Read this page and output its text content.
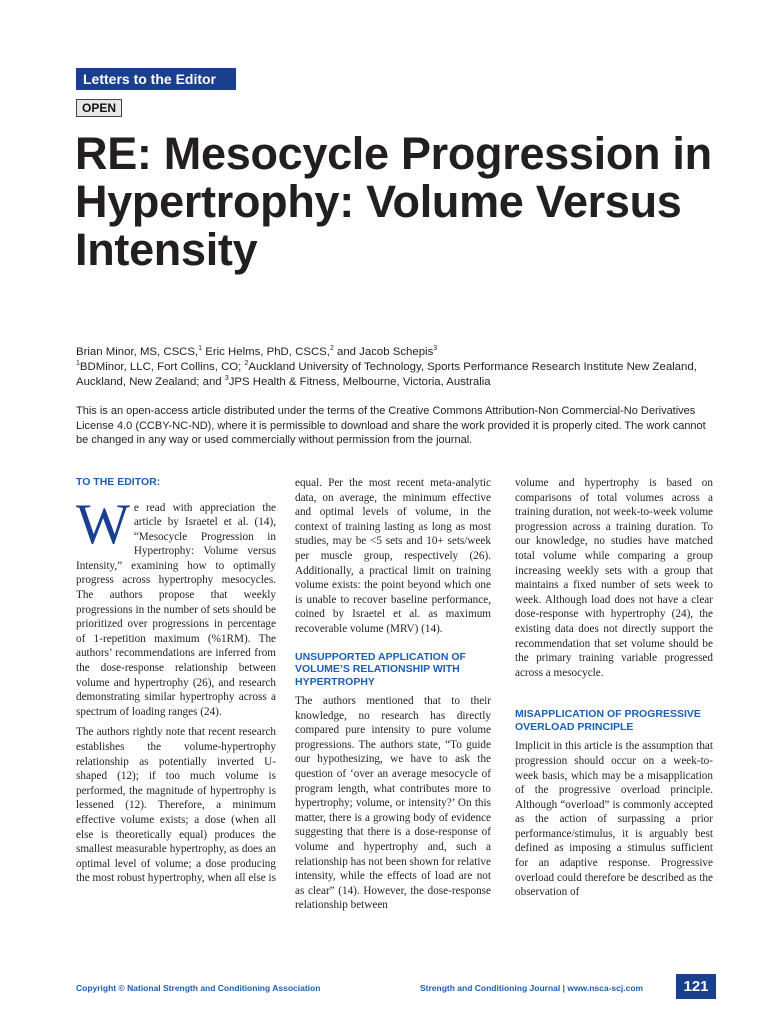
Letters to the Editor
OPEN
RE: Mesocycle Progression in Hypertrophy: Volume Versus Intensity
Brian Minor, MS, CSCS,$^1$ Eric Helms, PhD, CSCS,$^2$ and Jacob Schepis$^3$
$^1$BDMinor, LLC, Fort Collins, CO; $^2$Auckland University of Technology, Sports Performance Research Institute New Zealand, Auckland, New Zealand; and $^3$JPS Health & Fitness, Melbourne, Victoria, Australia
This is an open-access article distributed under the terms of the Creative Commons Attribution-Non Commercial-No Derivatives License 4.0 (CCBY-NC-ND), where it is permissible to download and share the work provided it is properly cited. The work cannot be changed in any way or used commercially without permission from the journal.
TO THE EDITOR:

We read with appreciation the article by Israetel et al. (14), “Mesocycle Progression in Hypertrophy: Volume versus Intensity,” examining how to optimally progress across hypertrophy mesocycles. The authors propose that weekly progressions in the number of sets should be prioritized over progressions in percentage of 1-repetition maximum (%1RM). The authors’ recommendations are inferred from the dose-response relationship between volume and hypertrophy (26), and research demonstrating similar hypertrophy across a spectrum of loading ranges (24).

The authors rightly note that recent research establishes the volume-hypertrophy relationship as potentially inverted U-shaped (12); if too much volume is performed, the magnitude of hypertrophy is lessened (12). Therefore, a minimum effective volume exists; a dose (when all else is theoretically equal) produces the smallest measurable hypertrophy, as does an optimal level of volume; a dose producing the most robust hypertrophy, when all else is

equal. Per the most recent meta-analytic data, on average, the minimum effective and optimal levels of volume, in the context of training lasting as long as most studies, may be <5 sets and 10+ sets/week per muscle group, respectively (26). Additionally, a practical limit on training volume exists: the point beyond which one is unable to recover baseline performance, coined by Israetel et al. as maximum recoverable volume (MRV) (14).

UNSUPPORTED APPLICATION OF VOLUME’S RELATIONSHIP WITH HYPERTROPHY

The authors mentioned that to their knowledge, no research has directly compared pure intensity to pure volume progressions. The authors state, “To guide our hypothesizing, we have to ask the question of ‘over an average mesocycle of program length, what contributes more to hypertrophy; volume, or intensity?’ On this matter, there is a growing body of evidence suggesting that there is a dose-response of volume and hypertrophy and, such a relationship has not been shown for relative intensity, while the effects of load are not as clear” (14). However, the dose-response relationship between

volume and hypertrophy is based on comparisons of total volumes across a training duration, not week-to-week volume progression across a training duration. To our knowledge, no studies have matched total volume while comparing a group increasing weekly sets with a group that maintains a fixed number of sets week to week. Although load does not have a clear dose-response with hypertrophy (24), the existing data does not directly support the recommendation that set volume should be the primary training variable progressed across a mesocycle.

MISAPPLICATION OF PROGRESSIVE OVERLOAD PRINCIPLE

Implicit in this article is the assumption that progression should occur on a week-to-week basis, which may be a misapplication of the progressive overload principle. Although “overload” is commonly accepted as the action of surpassing a prior performance/stimulus, it is arguably best defined as imposing a stimulus sufficient for an adaptive response. Progressive overload could therefore be described as the observation of

Copyright © National Strength and Conditioning Association	Strength and Conditioning Journal | www.nsca-scj.com	121
